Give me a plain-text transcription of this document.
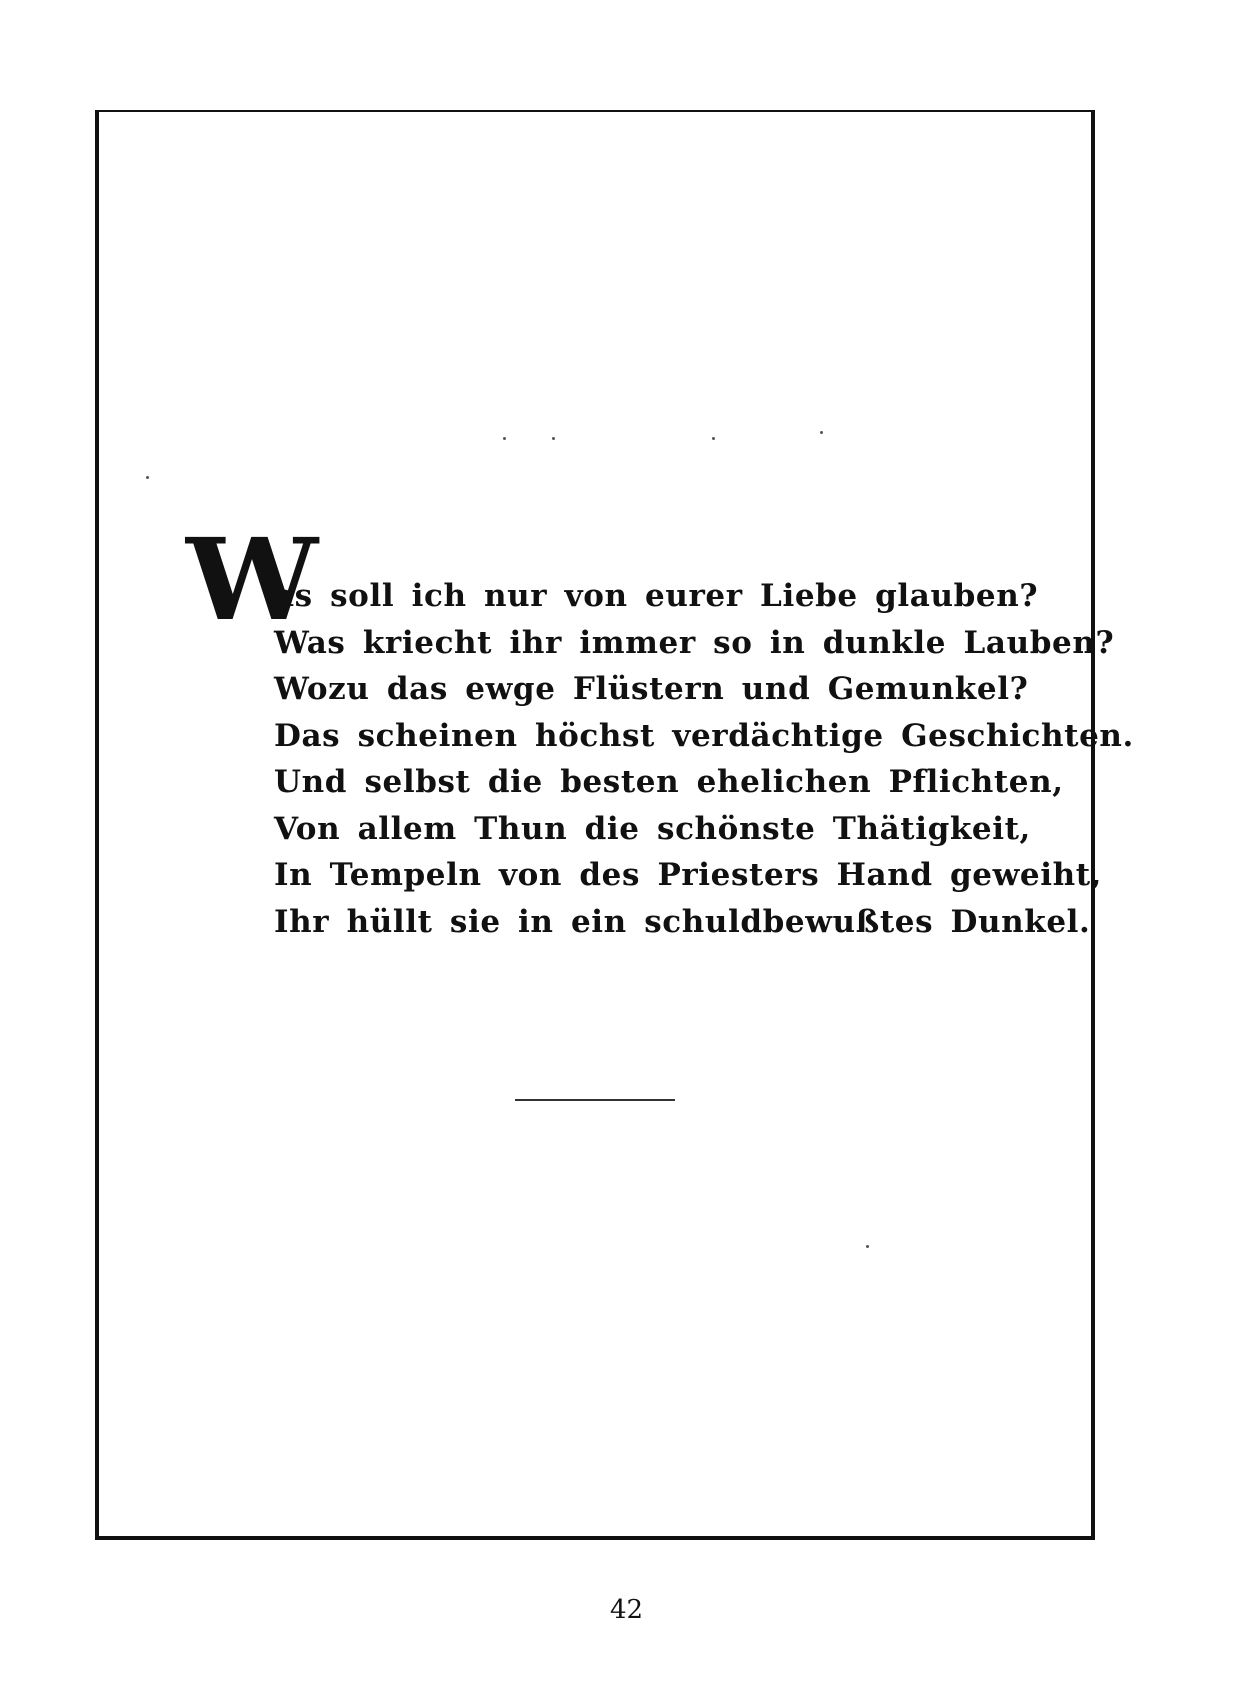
W
as soll ich nur von eurer Liebe glauben?
Was kriecht ihr immer so in dunkle Lauben?
Wozu das ewge Flüstern und Gemunkel?
Das scheinen höchst verdächtige Geschichten.
Und selbst die besten ehelichen Pflichten,
Von allem Thun die schönste Thätigkeit,
In Tempeln von des Priesters Hand geweiht,
Ihr hüllt sie in ein schuldbewußtes Dunkel.
42
